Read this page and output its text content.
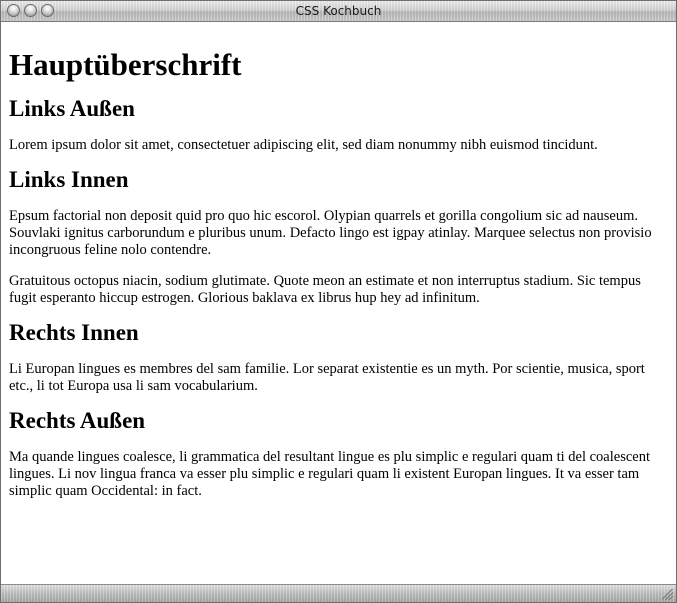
CSS Kochbuch
Hauptüberschrift
Links Außen

Lorem ipsum dolor sit amet, consectetuer adipiscing elit, sed diam nonummy nibh euismod tincidunt.

Links Innen

Epsum factorial non deposit quid pro quo hic escorol. Olypian quarrels et gorilla congolium sic ad nauseum. Souvlaki ignitus carborundum e pluribus unum. Defacto lingo est igpay atinlay. Marquee selectus non provisio incongruous feline nolo contendre.

Gratuitous octopus niacin, sodium glutimate. Quote meon an estimate et non interruptus stadium. Sic tempus fugit esperanto hiccup estrogen. Glorious baklava ex librus hup hey ad infinitum.

Rechts Innen

Li Europan lingues es membres del sam familie. Lor separat existentie es un myth. Por scientie, musica, sport etc., li tot Europa usa li sam vocabularium.

Rechts Außen

Ma quande lingues coalesce, li grammatica del resultant lingue es plu simplic e regulari quam ti del coalescent lingues. Li nov lingua franca va esser plu simplic e regulari quam li existent Europan lingues. It va esser tam simplic quam Occidental: in fact.
